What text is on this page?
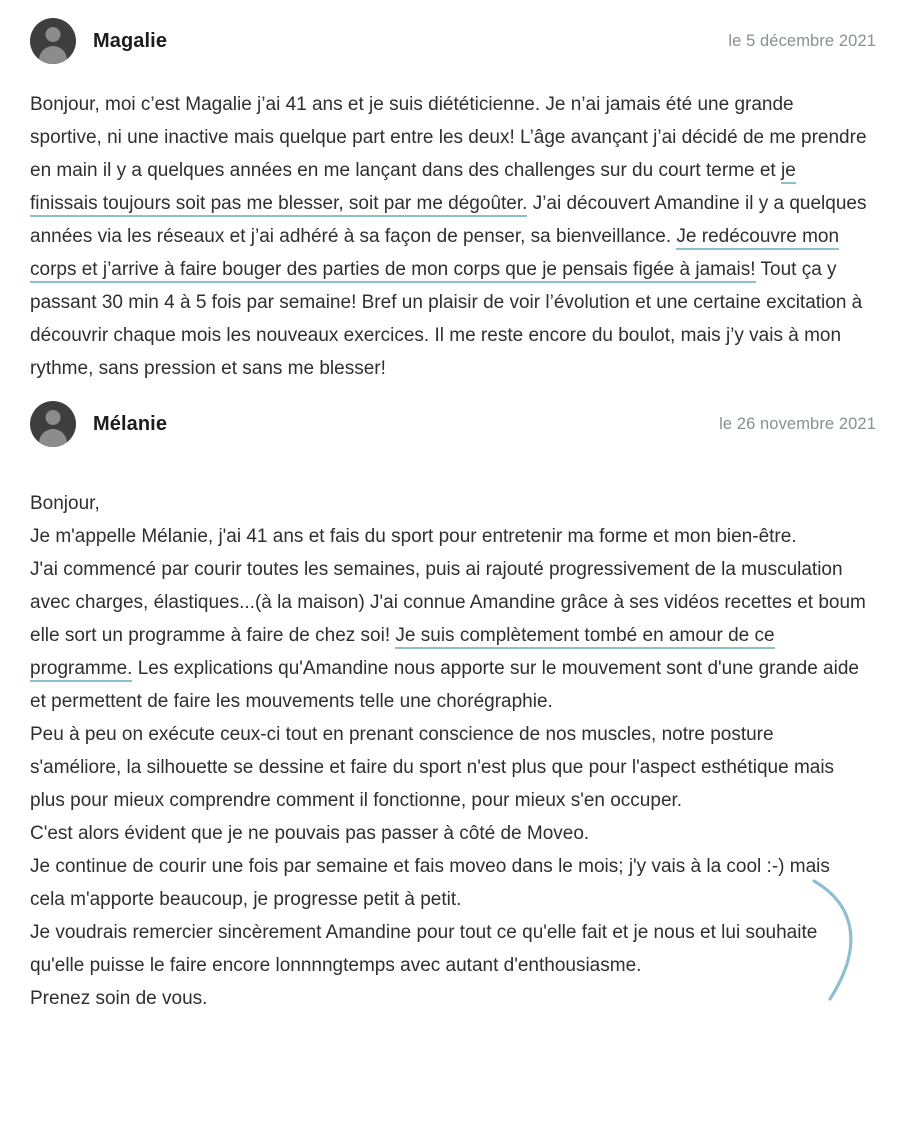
Magalie	le 5 décembre 2021

Bonjour, moi c’est Magalie j’ai 41 ans et je suis diététicienne. Je n’ai jamais été une grande sportive, ni une inactive mais quelque part entre les deux! L’âge avançant j’ai décidé de me prendre en main il y a quelques années en me lançant dans des challenges sur du court terme et je finissais toujours soit pas me blesser, soit par me dégoûter. J’ai découvert Amandine il y a quelques années via les réseaux et j’ai adhéré à sa façon de penser, sa bienveillance. Je redécouvre mon corps et j’arrive à faire bouger des parties de mon corps que je pensais figée à jamais! Tout ça y passant 30 min 4 à 5 fois par semaine! Bref un plaisir de voir l’évolution et une certaine excitation à découvrir chaque mois les nouveaux exercices. Il me reste encore du boulot, mais j’y vais à mon rythme, sans pression et sans me blesser!

Mélanie	le 26 novembre 2021

Bonjour,

Je m'appelle Mélanie, j'ai 41 ans et fais du sport pour entretenir ma forme et mon bien-être.

J'ai commencé par courir toutes les semaines, puis ai rajouté progressivement de la musculation avec charges, élastiques...(à la maison) J'ai connue Amandine grâce à ses vidéos recettes et boum elle sort un programme à faire de chez soi! Je suis complètement tombé en amour de ce programme. Les explications qu'Amandine nous apporte sur le mouvement sont d'une grande aide et permettent de faire les mouvements telle une chorégraphie.

Peu à peu on exécute ceux-ci tout en prenant conscience de nos muscles, notre posture s'améliore, la silhouette se dessine et faire du sport n'est plus que pour l'aspect esthétique mais plus pour mieux comprendre comment il fonctionne, pour mieux s'en occuper.

C'est alors évident que je ne pouvais pas passer à côté de Moveo.

Je continue de courir une fois par semaine et fais moveo dans le mois; j'y vais à la cool :-) mais cela m'apporte beaucoup, je progresse petit à petit.

Je voudrais remercier sincèrement Amandine pour tout ce qu'elle fait et je nous et lui souhaite qu'elle puisse le faire encore lonnnngtemps avec autant d'enthousiasme.

Prenez soin de vous.
